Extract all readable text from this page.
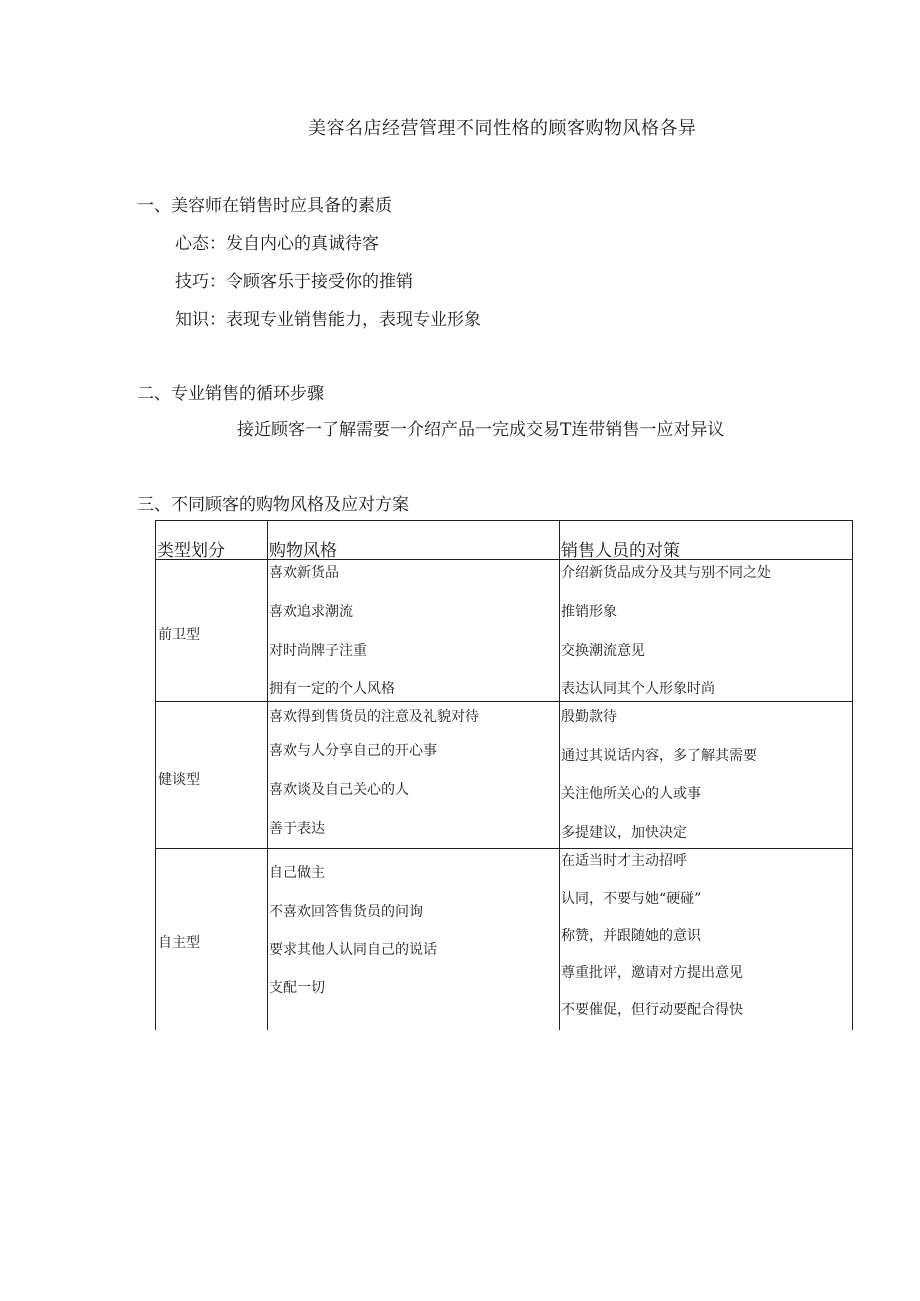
美容名店经营管理不同性格的顾客购物风格各异
一、美容师在销售时应具备的素质
心态：发自内心的真诚待客
技巧：令顾客乐于接受你的推销
知识：表现专业销售能力，表现专业形象
二、专业销售的循环步骤
接近顾客一了解需要一介绍产品一完成交易T连带销售一应对异议
三、不同顾客的购物风格及应对方案
类型划分	购物风格	销售人员的对策
前卫型
喜欢新货品
喜欢追求潮流
对时尚牌子注重
拥有一定的个人风格
介绍新货品成分及其与别不同之处
推销形象
交换潮流意见
表达认同其个人形象时尚
健谈型
喜欢得到售货员的注意及礼貌对待
喜欢与人分享自己的开心事
喜欢谈及自己关心的人
善于表达
殷勤款待
通过其说话内容，多了解其需要
关注他所关心的人或事
多提建议，加快决定
自主型
自己做主
不喜欢回答售货员的问询
要求其他人认同自己的说话
支配一切
在适当时才主动招呼
认同，不要与她“硬碰”
称赞，并跟随她的意识
尊重批评，邀请对方提出意见
不要催促，但行动要配合得快
